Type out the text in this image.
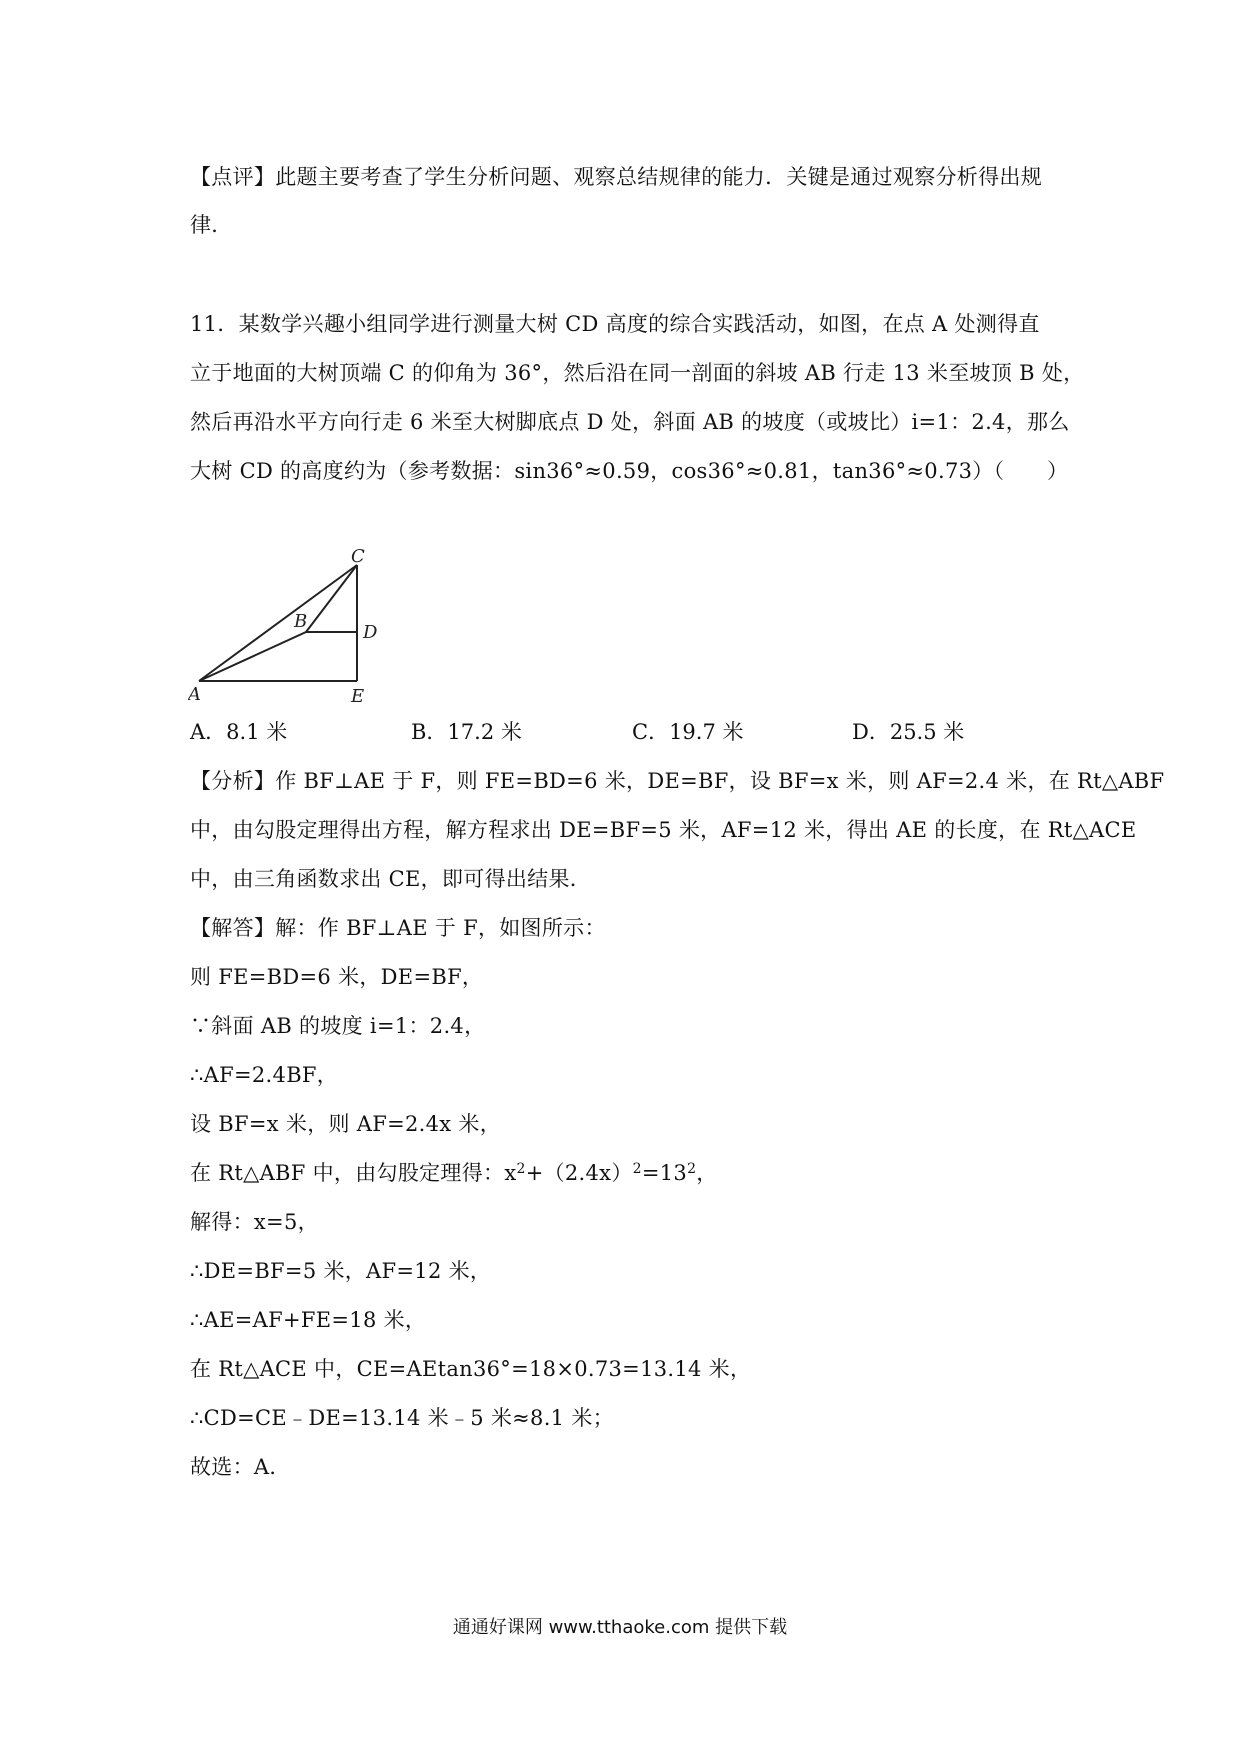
【点评】此题主要考查了学生分析问题、观察总结规律的能力．关键是通过观察分析得出规
律．
11．某数学兴趣小组同学进行测量大树 CD 高度的综合实践活动，如图，在点 A 处测得直
立于地面的大树顶端 C 的仰角为 36°，然后沿在同一剖面的斜坡 AB 行走 13 米至坡顶 B 处，
然后再沿水平方向行走 6 米至大树脚底点 D 处，斜面 AB 的坡度（或坡比）i=1：2.4，那么
大树 CD 的高度约为（参考数据：sin36°≈0.59，cos36°≈0.81，tan36°≈0.73）（　　）
C
B
D
A	E
A．8.1 米	B．17.2 米	C．19.7 米	D．25.5 米
【分析】作 BF⊥AE 于 F，则 FE=BD=6 米，DE=BF，设 BF=x 米，则 AF=2.4 米，在 Rt△ABF
中，由勾股定理得出方程，解方程求出 DE=BF=5 米，AF=12 米，得出 AE 的长度，在 Rt△ACE
中，由三角函数求出 CE，即可得出结果．
【解答】解：作 BF⊥AE 于 F，如图所示：
则 FE=BD=6 米，DE=BF，
∵斜面 AB 的坡度 i=1：2.4，
∴AF=2.4BF，
设 BF=x 米，则 AF=2.4x 米，
在 Rt△ABF 中，由勾股定理得：$x^2+(2.4x)^2=13^2$，
解得：x=5，
∴DE=BF=5 米，AF=12 米，
∴AE=AF+FE=18 米，
在 Rt△ACE 中，CE=AEtan36°=18×0.73=13.14 米，
∴CD=CE﹣DE=13.14 米﹣5 米≈8.1 米；
故选：A．
通通好课网 www.tthaoke.com 提供下载
